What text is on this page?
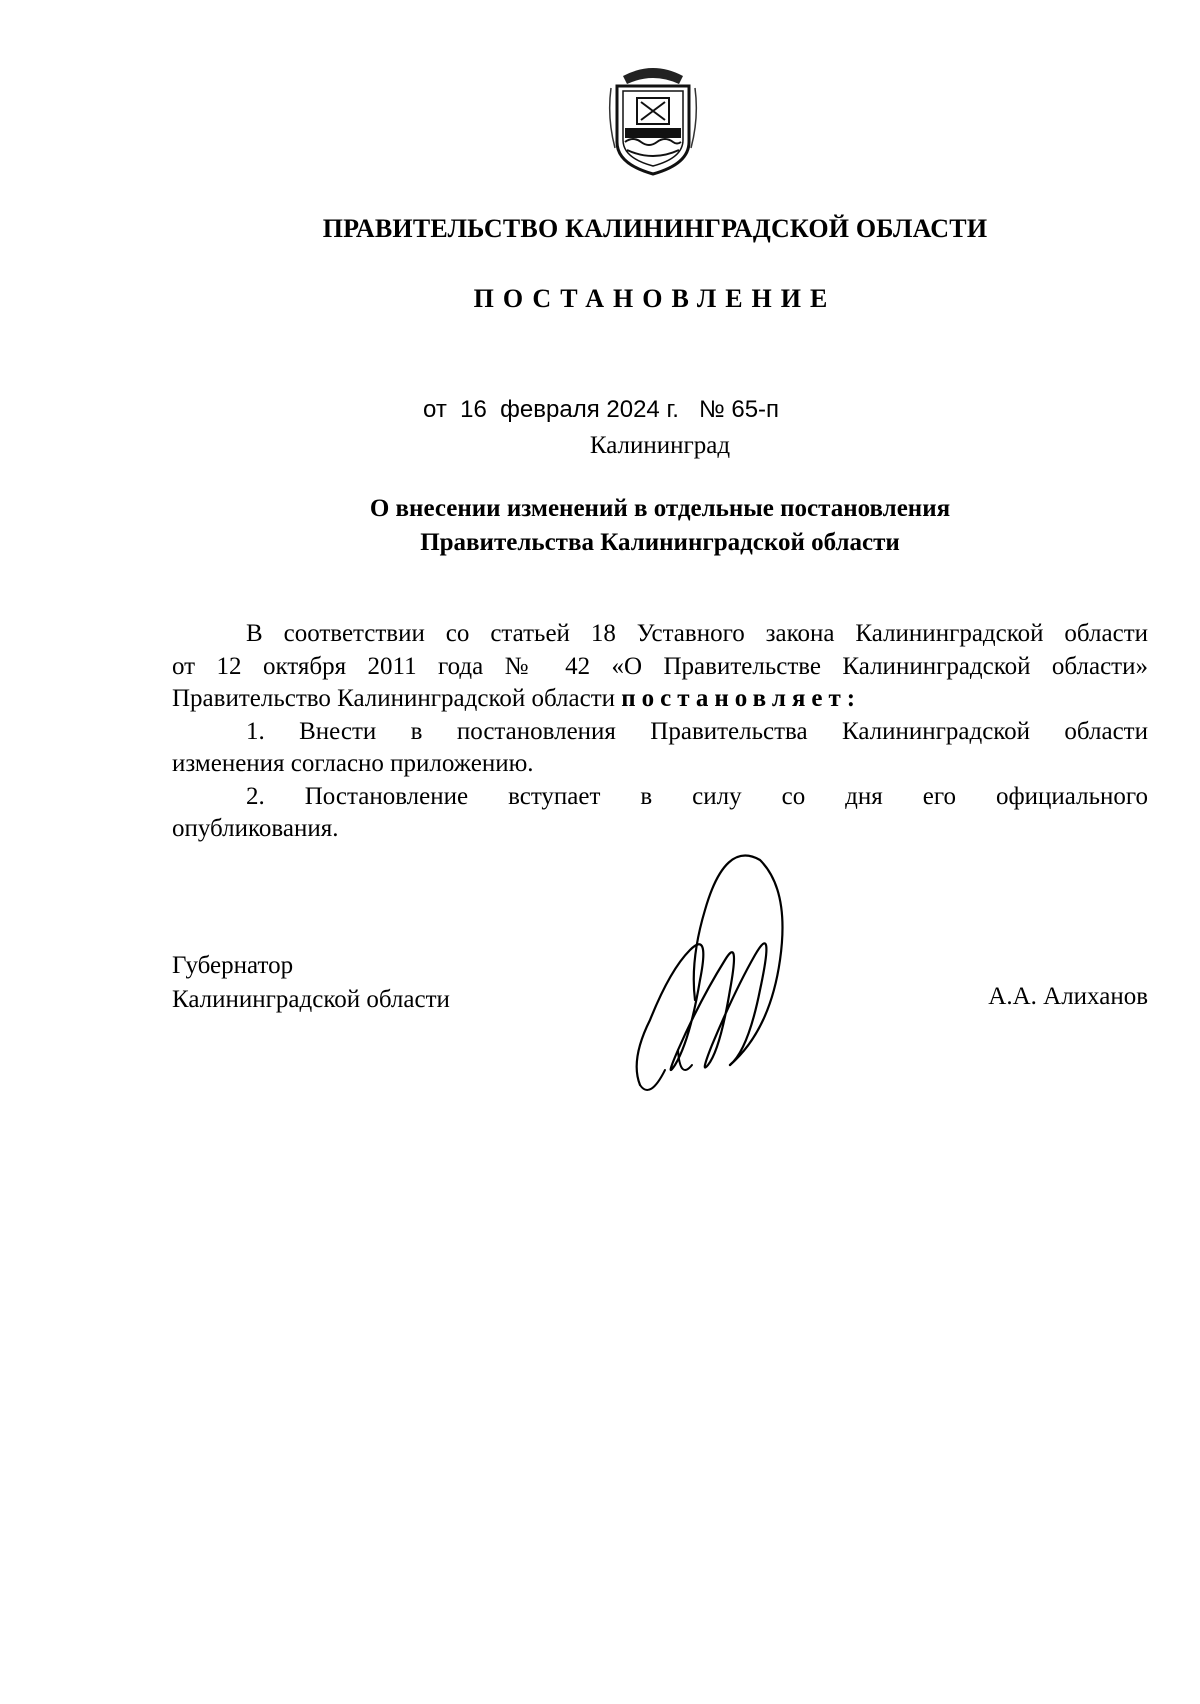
ПРАВИТЕЛЬСТВО КАЛИНИНГРАДСКОЙ ОБЛАСТИ
ПОСТАНОВЛЕНИЕ
от  16  февраля 2024 г.   № 65-п
Калининград
О внесении изменений в отдельные постановления
Правительства Калининградской области

В соответствии со статьей 18 Уставного закона Калининградской области

от 12 октября 2011 года № 42 «О Правительстве Калининградской области»

Правительство Калининградской области постановляет:

1. Внести в постановления Правительства Калининградской области

изменения согласно приложению.

2. Постановление вступает в силу со дня его официального

опубликования.

Губернатор
Калининградской области	А.А. Алиханов
